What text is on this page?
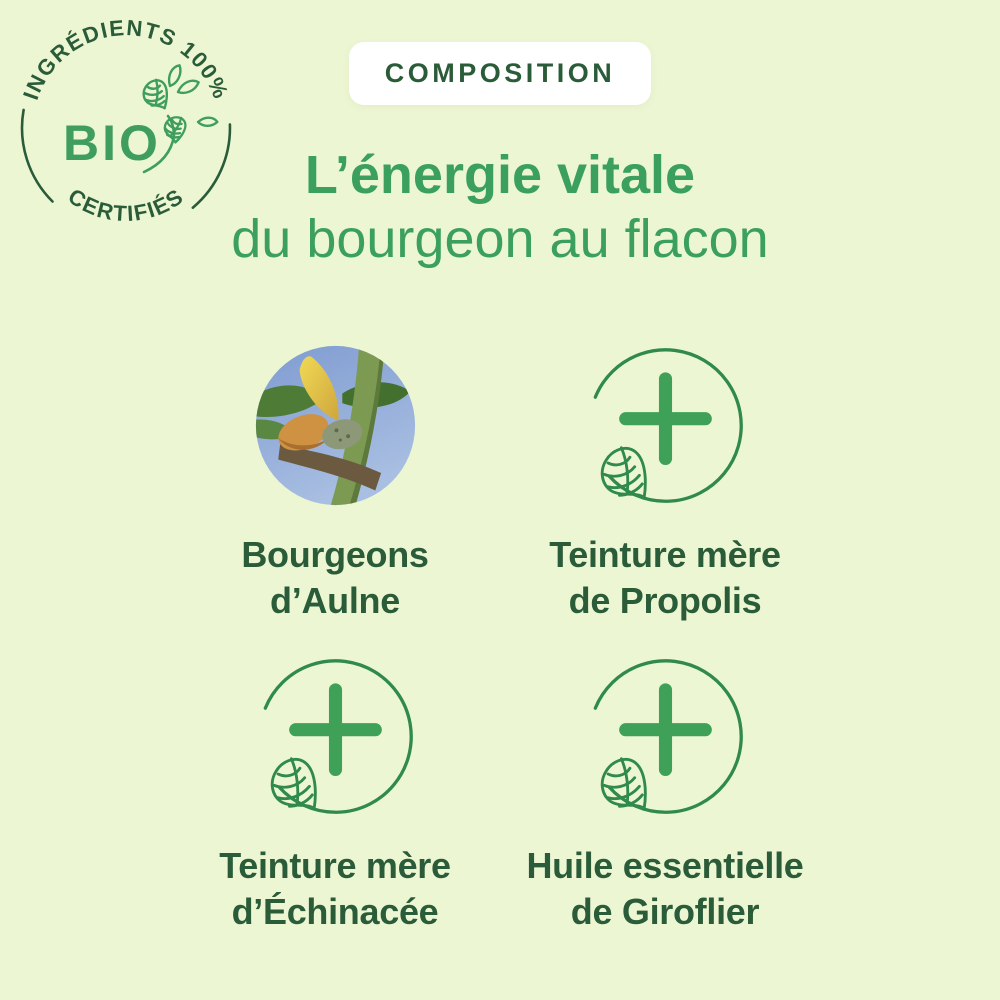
INGRÉDIENTS 100%
CERTIFIÉS
BIO
COMPOSITION
L’énergie vitale
du bourgeon au flacon
Bourgeons
d’Aulne
Teinture mère
de Propolis
Teinture mère
d’Échinacée
Huile essentielle
de Giroflier
